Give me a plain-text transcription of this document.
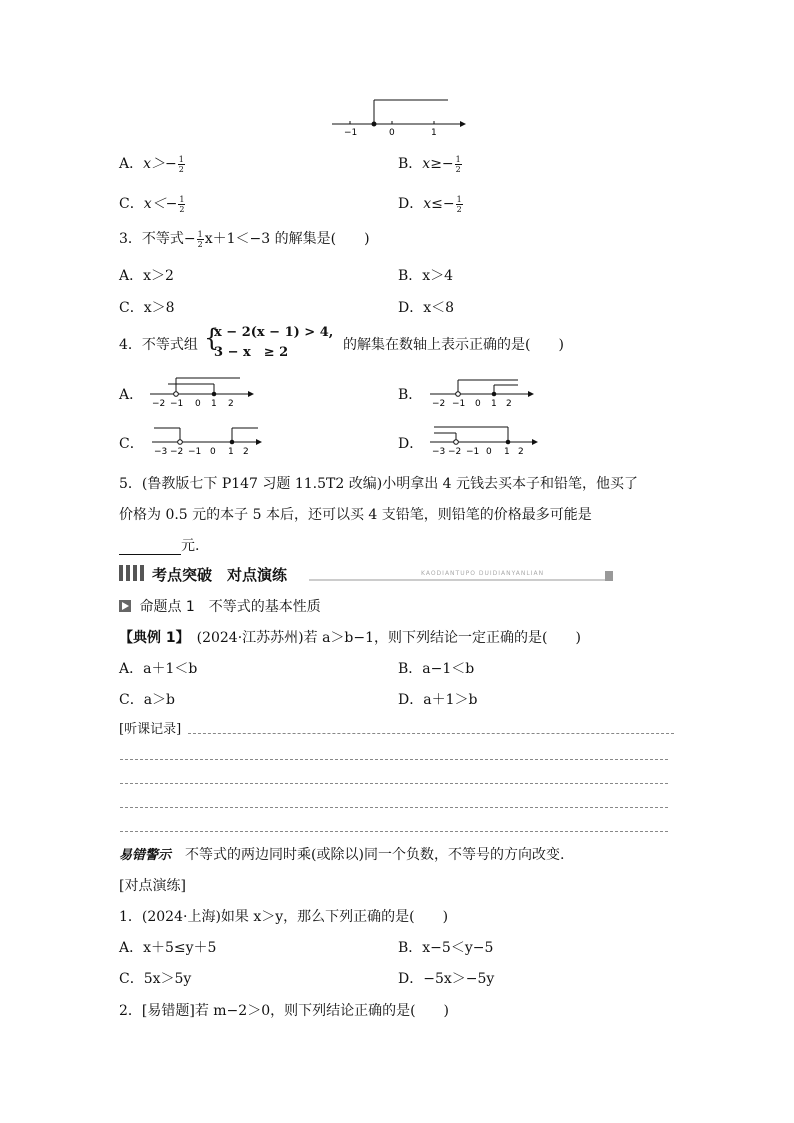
−1	0	1
A．$x>- \frac{1}{2}$	B．$x\ge- \frac{1}{2}$
C．$x<- \frac{1}{2}$	D．$x\le- \frac{1}{2}$
3．不等式− $\frac{1}{2} x+1<-3$ 的解集是(　　)
A．x＞2	B．x＞4
C．x＞8	D．x＜8
4．不等式组 {
x − 2(x − 1) > 4,
3 − x　≥ 2	的解集在数轴上表示正确的是(　　)
A．	B．
C．	D．
−2 −1 0 1 2	−2 −1 0 1 2
−3 −2 −1 0 1 2	−3 −2 −1 0 1 2
5．(鲁教版七下 P147 习题 11.5T2 改编)小明拿出 4 元钱去买本子和铅笔，他买了
价格为 0.5 元的本子 5 本后，还可以买 4 支铅笔，则铅笔的价格最多可能是
元.
考点突破　对点演练	KAODIANTUPO DUIDIANYANLIAN
命题点 1　不等式的基本性质
【典例 1】　(2024·江苏苏州)若 a＞b−1，则下列结论一定正确的是(　　)
A．a＋1＜b	B．a−1＜b
C．a＞b	D．a＋1＞b
[听课记录]
易错警示　不等式的两边同时乘(或除以)同一个负数，不等号的方向改变.
[对点演练]
1．(2024·上海)如果 x＞y，那么下列正确的是(　　)
A．x＋5≤y＋5	B．x−5＜y−5
C．5x＞5y	D．−5x＞−5y
2．[易错题]若 m−2＞0，则下列结论正确的是(　　)
